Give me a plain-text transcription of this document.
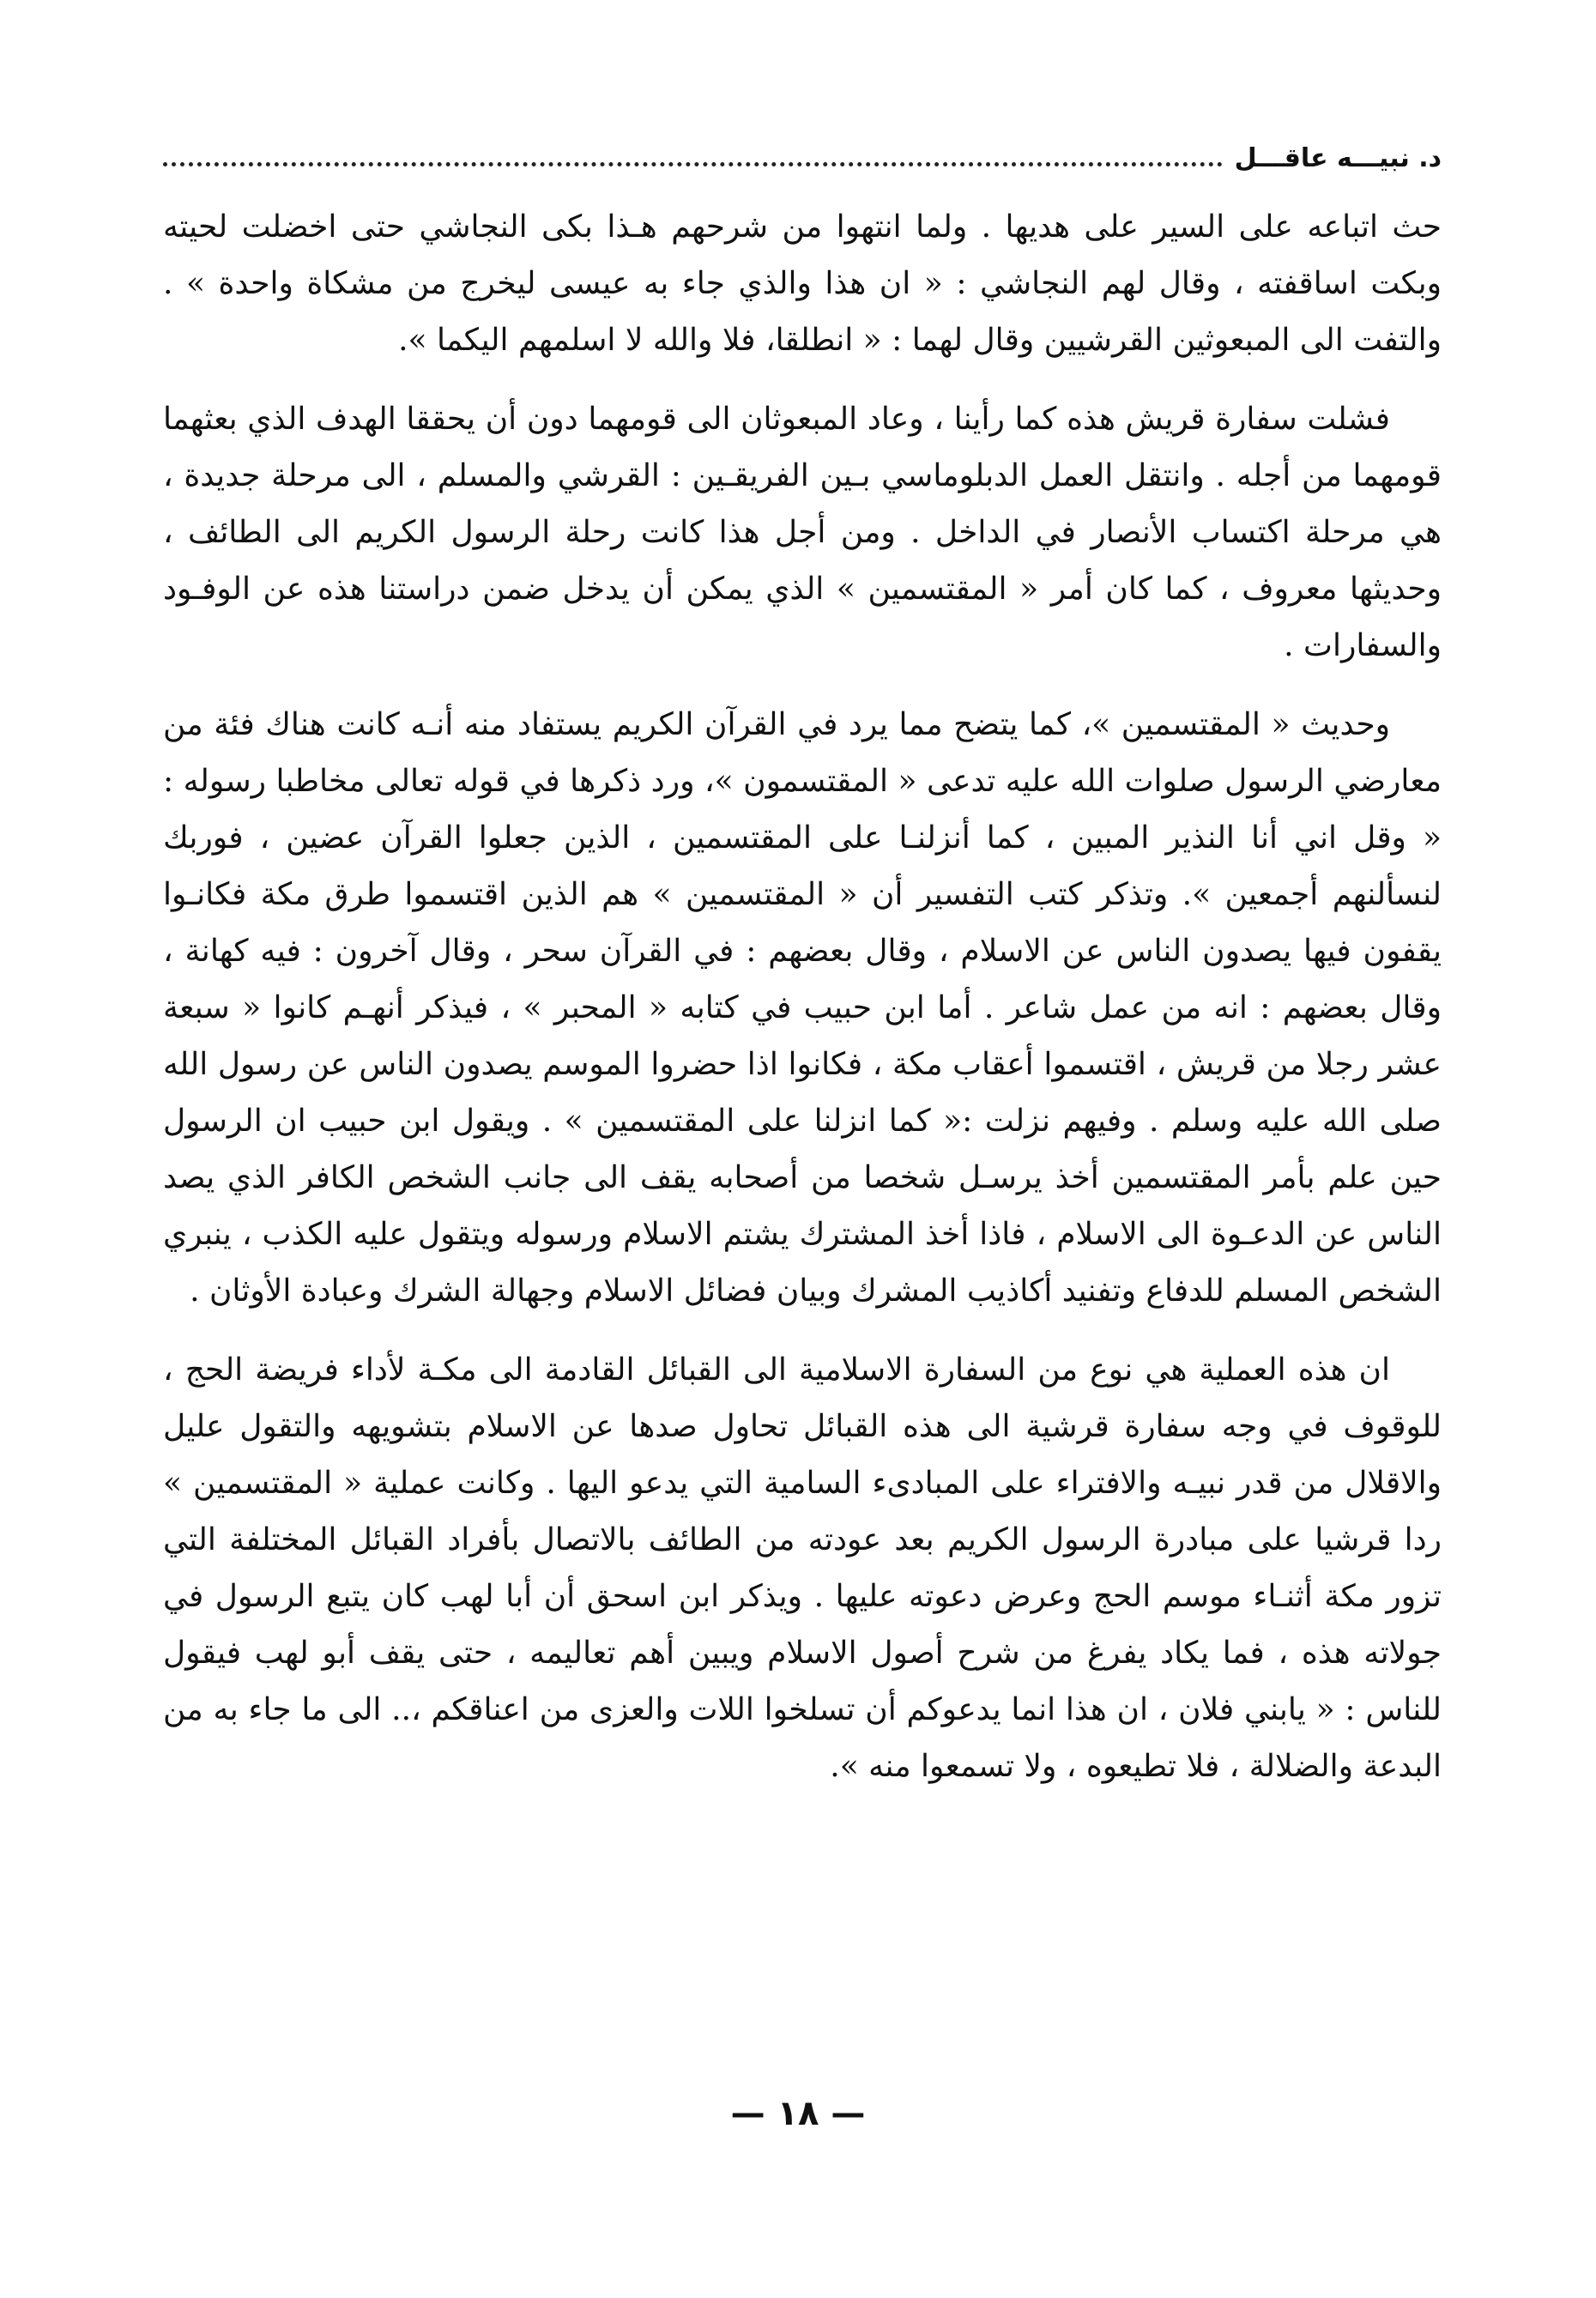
د. نبيـــه عاقـــل

حث اتباعه على السير على هديها . ولما انتهوا من شرحهم هـذا بكى النجاشي حتى اخضلت لحيته وبكت اساقفته ، وقال لهم النجاشي : « ان هذا والذي جاء به عيسى ليخرج من مشكاة واحدة » . والتفت الى المبعوثين القرشيين وقال لهما : « انطلقا، فلا والله لا اسلمهم اليكما ».

فشلت سفارة قريش هذه كما رأينا ، وعاد المبعوثان الى قومهما دون أن يحققا الهدف الذي بعثهما قومهما من أجله . وانتقل العمل الدبلوماسي بـين الفريقـين : القرشي والمسلم ، الى مرحلة جديدة ، هي مرحلة اكتساب الأنصار في الداخل . ومن أجل هذا كانت رحلة الرسول الكريم الى الطائف ، وحديثها معروف ، كما كان أمر « المقتسمين » الذي يمكن أن يدخل ضمن دراستنا هذه عن الوفـود والسفارات .

وحديث « المقتسمين »، كما يتضح مما يرد في القرآن الكريم يستفاد منه أنـه كانت هناك فئة من معارضي الرسول صلوات الله عليه تدعى « المقتسمون »، ورد ذكرها في قوله تعالى مخاطبا رسوله : « وقل اني أنا النذير المبين ، كما أنزلنـا على المقتسمين ، الذين جعلوا القرآن عضين ، فوربك لنسألنهم أجمعين ». وتذكر كتب التفسير أن « المقتسمين » هم الذين اقتسموا طرق مكة فكانـوا يقفون فيها يصدون الناس عن الاسلام ، وقال بعضهم : في القرآن سحر ، وقال آخرون : فيه كهانة ، وقال بعضهم : انه من عمل شاعر . أما ابن حبيب في كتابه « المحبر » ، فيذكر أنهـم كانوا « سبعة عشر رجلا من قريش ، اقتسموا أعقاب مكة ، فكانوا اذا حضروا الموسم يصدون الناس عن رسول الله صلى الله عليه وسلم . وفيهم نزلت :« كما انزلنا على المقتسمين » . ويقول ابن حبيب ان الرسول حين علم بأمر المقتسمين أخذ يرسـل شخصا من أصحابه يقف الى جانب الشخص الكافر الذي يصد الناس عن الدعـوة الى الاسلام ، فاذا أخذ المشترك يشتم الاسلام ورسوله ويتقول عليه الكذب ، ينبري الشخص المسلم للدفاع وتفنيد أكاذيب المشرك وبيان فضائل الاسلام وجهالة الشرك وعبادة الأوثان .

ان هذه العملية هي نوع من السفارة الاسلامية الى القبائل القادمة الى مكـة لأداء فريضة الحج ، للوقوف في وجه سفارة قرشية الى هذه القبائل تحاول صدها عن الاسلام بتشويهه والتقول عليل والاقلال من قدر نبيـه والافتراء على المبادىء السامية التي يدعو اليها . وكانت عملية « المقتسمين » ردا قرشيا على مبادرة الرسول الكريم بعد عودته من الطائف بالاتصال بأفراد القبائل المختلفة التي تزور مكة أثنـاء موسم الحج وعرض دعوته عليها . ويذكر ابن اسحق أن أبا لهب كان يتبع الرسول في جولاته هذه ، فما يكاد يفرغ من شرح أصول الاسلام ويبين أهم تعاليمه ، حتى يقف أبو لهب فيقول للناس : « يابني فلان ، ان هذا انما يدعوكم أن تسلخوا اللات والعزى من اعناقكم ،.. الى ما جاء به من البدعة والضلالة ، فلا تطيعوه ، ولا تسمعوا منه ».

— ١٨ —
